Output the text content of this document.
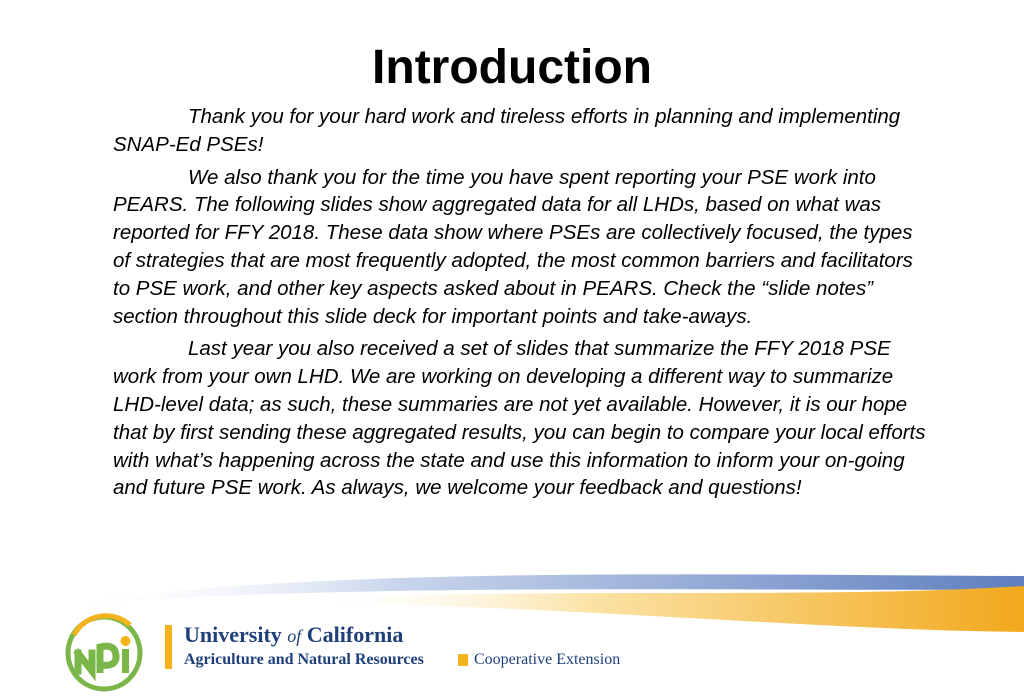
Introduction

Thank you for your hard work and tireless efforts in planning and implementing SNAP-Ed PSEs!

We also thank you for the time you have spent reporting your PSE work into PEARS. The following slides show aggregated data for all LHDs, based on what was reported for FFY 2018. These data show where PSEs are collectively focused, the types of strategies that are most frequently adopted, the most common barriers and facilitators to PSE work, and other key aspects asked about in PEARS. Check the “slide notes” section throughout this slide deck for important points and take-aways.

Last year you also received a set of slides that summarize the FFY 2018 PSE work from your own LHD. We are working on developing a different way to summarize LHD-level data; as such, these summaries are not yet available. However, it is our hope that by first sending these aggregated results, you can begin to compare your local efforts with what’s happening across the state and use this information to inform your on-going and future PSE work. As always, we welcome your feedback and questions!

University of California
Agriculture and Natural Resources	Cooperative Extension
